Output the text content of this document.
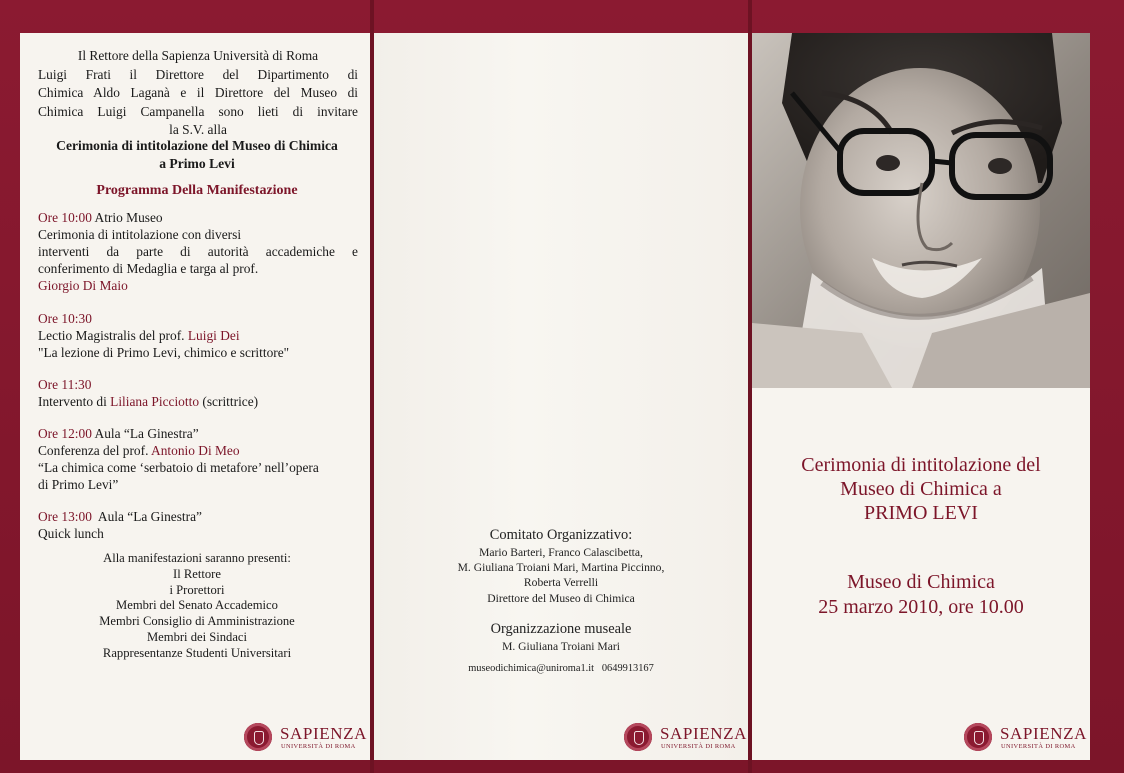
Il Rettore della Sapienza Università di Roma
Luigi Frati il Direttore del Dipartimento di
Chimica Aldo Laganà e il Direttore del Museo di
Chimica Luigi Campanella sono lieti di invitare
la S.V. alla
Cerimonia di intitolazione del Museo di Chimica
a Primo Levi
Programma Della Manifestazione
Ore 10:00 Atrio Museo
Cerimonia di intitolazione con diversi
interventi da parte di autorità accademiche e
conferimento di Medaglia e targa al prof.
Giorgio Di Maio
Ore 10:30
Lectio Magistralis del prof. Luigi Dei
"La lezione di Primo Levi, chimico e scrittore"
Ore 11:30
Intervento di Liliana Picciotto (scrittrice)
Ore 12:00 Aula “La Ginestra”
Conferenza del prof. Antonio Di Meo
“La chimica come ‘serbatoio di metafore’ nell’opera
di Primo Levi”
Ore 13:00  Aula “La Ginestra”
Quick lunch
Alla manifestazioni saranno presenti:
Il Rettore
i Prorettori
Membri del Senato Accademico
Membri Consiglio di Amministrazione
Membri dei Sindaci
Rappresentanze Studenti Universitari
SAPIENZA
UNIVERSITÀ DI ROMA
Comitato Organizzativo:
Mario Barteri, Franco Calascibetta,
M. Giuliana Troiani Mari, Martina Piccinno,
Roberta Verrelli
Direttore del Museo di Chimica
Organizzazione museale
M. Giuliana Troiani Mari
museodichimica@uniroma1.it 0649913167
SAPIENZA
UNIVERSITÀ DI ROMA
Cerimonia di intitolazione del
Museo di Chimica a
PRIMO LEVI
Museo di Chimica
25 marzo 2010, ore 10.00
SAPIENZA
UNIVERSITÀ DI ROMA
